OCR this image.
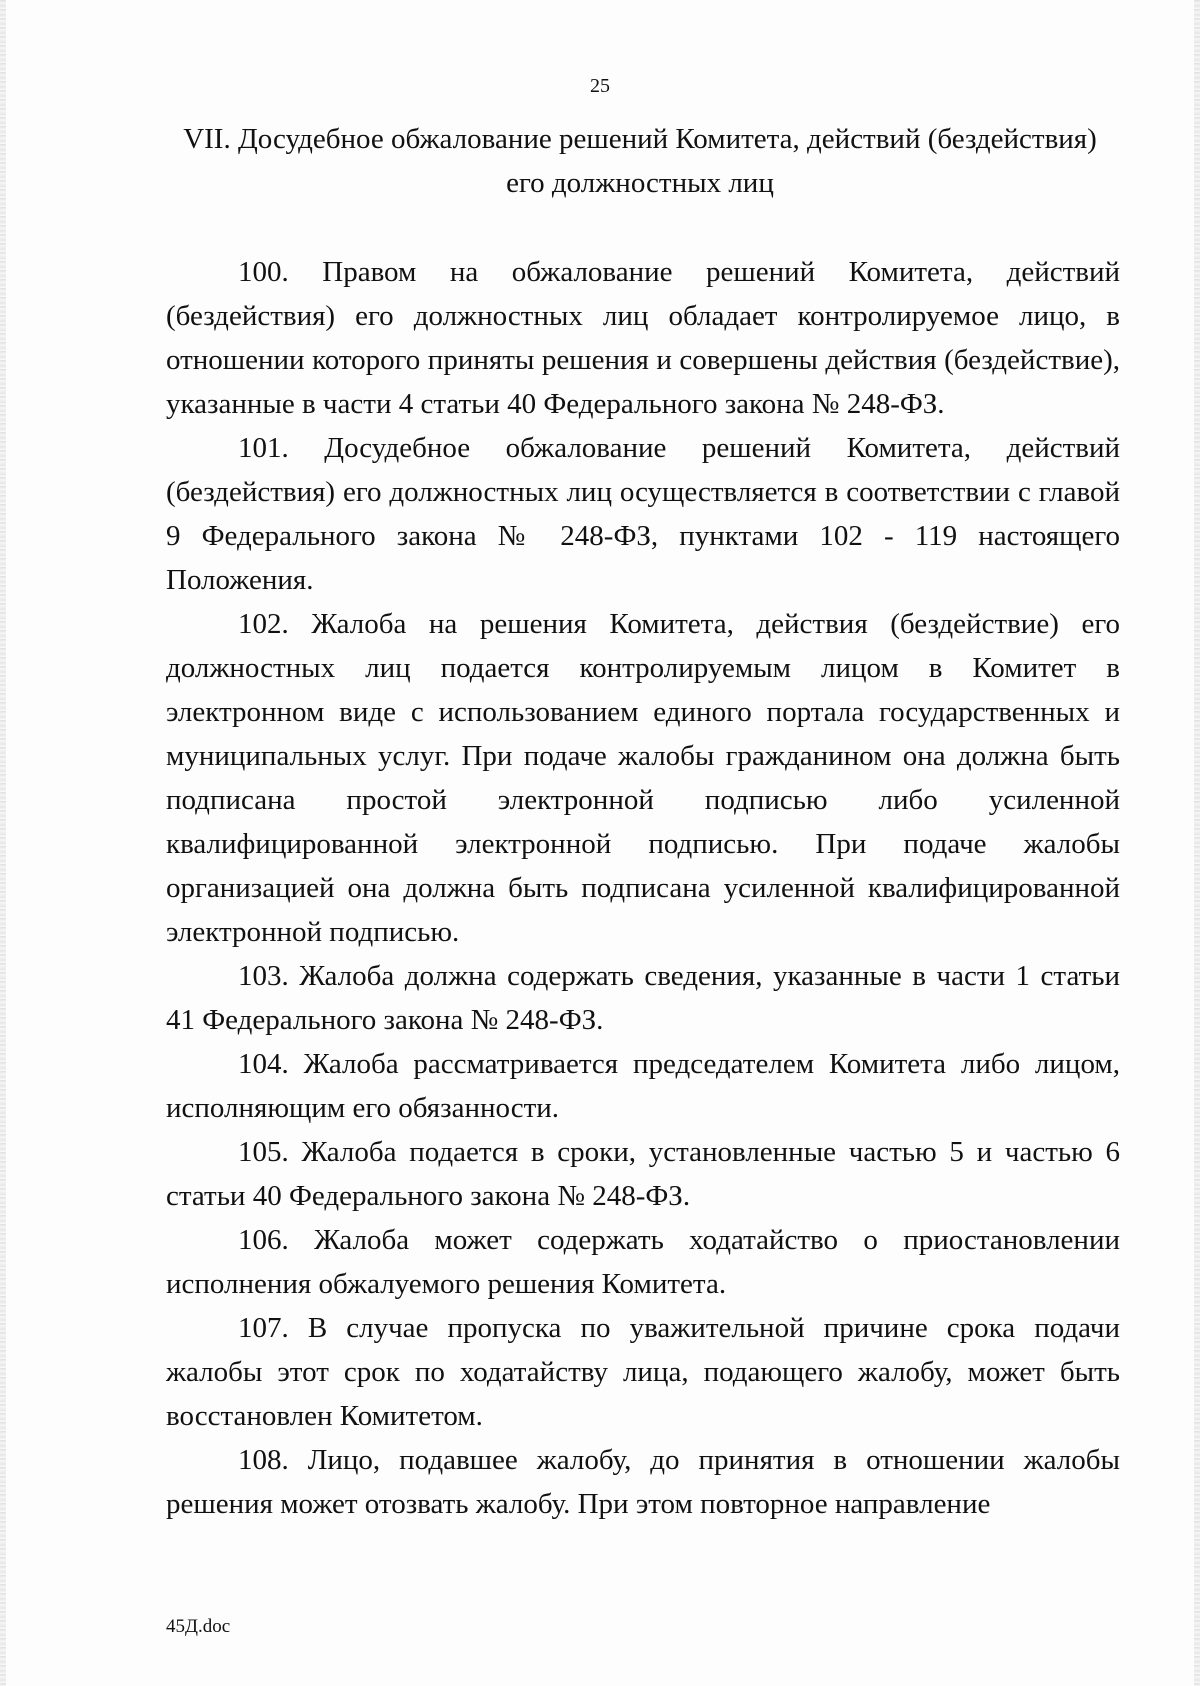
25
VII. Досудебное обжалование решений Комитета, действий (бездействия)
его должностных лиц

100. Правом на обжалование решений Комитета, действий (бездействия) его должностных лиц обладает контролируемое лицо, в отношении которого приняты решения и совершены действия (бездействие), указанные в части 4 статьи 40 Федерального закона № 248-ФЗ.

101. Досудебное обжалование решений Комитета, действий (бездействия) его должностных лиц осуществляется в соответствии с главой 9 Федерального закона № 248-ФЗ, пунктами 102 - 119 настоящего Положения.

102. Жалоба на решения Комитета, действия (бездействие) его должностных лиц подается контролируемым лицом в Комитет в электронном виде с использованием единого портала государственных и муниципальных услуг. При подаче жалобы гражданином она должна быть подписана простой электронной подписью либо усиленной квалифицированной электронной подписью. При подаче жалобы организацией она должна быть подписана усиленной квалифицированной электронной подписью.

103. Жалоба должна содержать сведения, указанные в части 1 статьи 41 Федерального закона № 248-ФЗ.

104. Жалоба рассматривается председателем Комитета либо лицом, исполняющим его обязанности.

105. Жалоба подается в сроки, установленные частью 5 и частью 6 статьи 40 Федерального закона № 248-ФЗ.

106. Жалоба может содержать ходатайство о приостановлении исполнения обжалуемого решения Комитета.

107. В случае пропуска по уважительной причине срока подачи жалобы этот срок по ходатайству лица, подающего жалобу, может быть восстановлен Комитетом.

108. Лицо, подавшее жалобу, до принятия в отношении жалобы решения может отозвать жалобу. При этом повторное направление

45Д.doc
